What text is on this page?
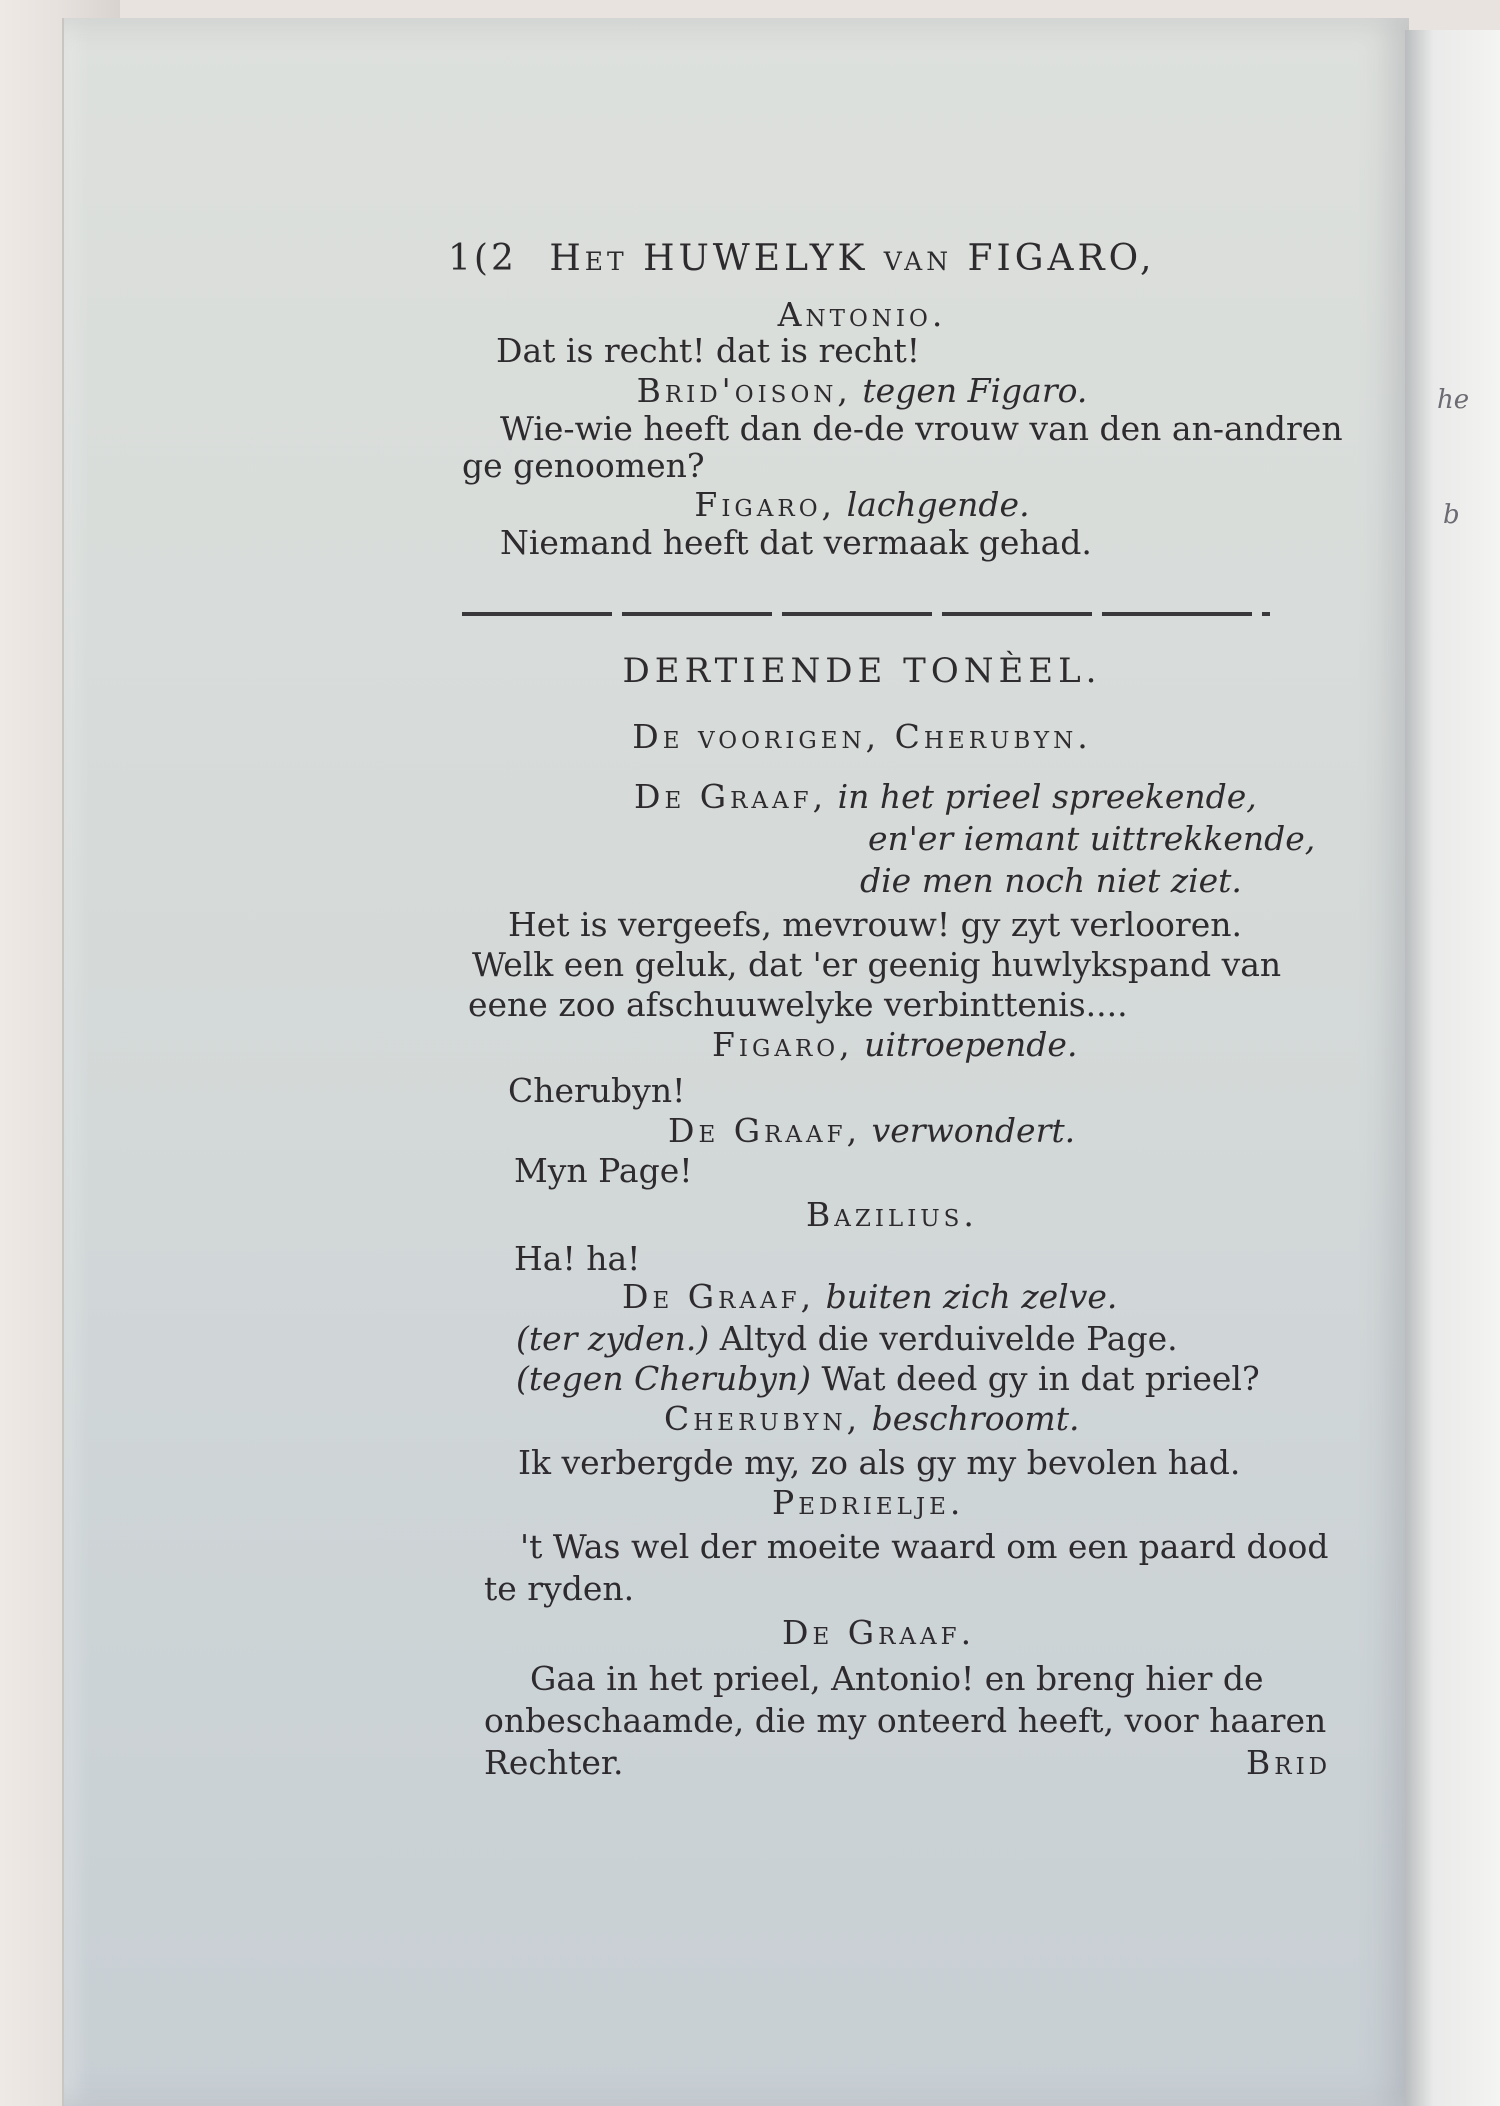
he
b
1(2 Het HUWELYK van FIGARO,
Antonio.
Dat is recht! dat is recht!
Brid'oison, tegen Figaro.
Wie-wie heeft dan de-de vrouw van den an-andren
ge genoomen?
Figaro, lachgende.
Niemand heeft dat vermaak gehad.
DERTIENDE TONÈEL.
De voorigen, Cherubyn.
De Graaf, in het prieel spreekende,
en'er iemant uittrekkende,
die men noch niet ziet.
Het is vergeefs, mevrouw! gy zyt verlooren.
Welk een geluk, dat 'er geenig huwlykspand van
eene zoo afschuuwelyke verbinttenis....
Figaro, uitroepende.
Cherubyn!
De Graaf, verwondert.
Myn Page!
Bazilius.
Ha! ha!
De Graaf, buiten zich zelve.
(ter zyden.) Altyd die verduivelde Page.
(tegen Cherubyn) Wat deed gy in dat prieel?
Cherubyn, beschroomt.
Ik verbergde my, zo als gy my bevolen had.
Pedrielje.
't Was wel der moeite waard om een paard dood
te ryden.
De Graaf.
Gaa in het prieel, Antonio! en breng hier de
onbeschaamde, die my onteerd heeft, voor haaren
Rechter.	Brid
